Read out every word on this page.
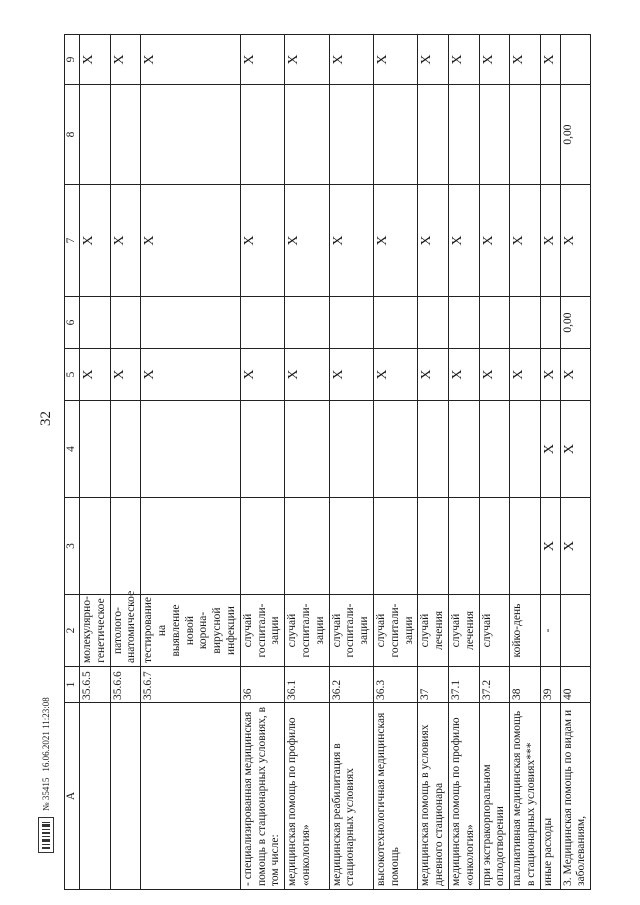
32
№ 35415
16.06.2021 11:23:08
A	1	2	3	4	5	6	7	8	9
	35.6.5	молекулярно-генетическое			X		X		X
	35.6.6	патолого-анатомическое			X		X		X
	35.6.7	тестирование на выявление новой корона-вирусной инфекции			X		X		X
- специализированная медицинская помощь в стационарных условиях, в том числе:	36	случай госпитали-зации			X		X		X
медицинская помощь по профилю «онкология»	36.1	случай госпитали-зации			X		X		X
медицинская реабилитация в стационарных условиях	36.2	случай госпитали-зации			X		X		X
высокотехнологичная медицинская помощь	36.3	случай госпитали-зации			X		X		X
медицинская помощь в условиях дневного стационара	37	случай лечения			X		X		X
медицинская помощь по профилю «онкология»	37.1	случай лечения			X		X		X
при экстракорпоральном оплодотворении	37.2	случай			X		X		X
паллиативная медицинская помощь в стационарных условиях***	38	койко-день			X		X		X
иные расходы	39	-	X	X	X		X		X
3. Медицинская помощь по видам и заболеваниям,	40		X	X	X	0,00	X	0,00	
